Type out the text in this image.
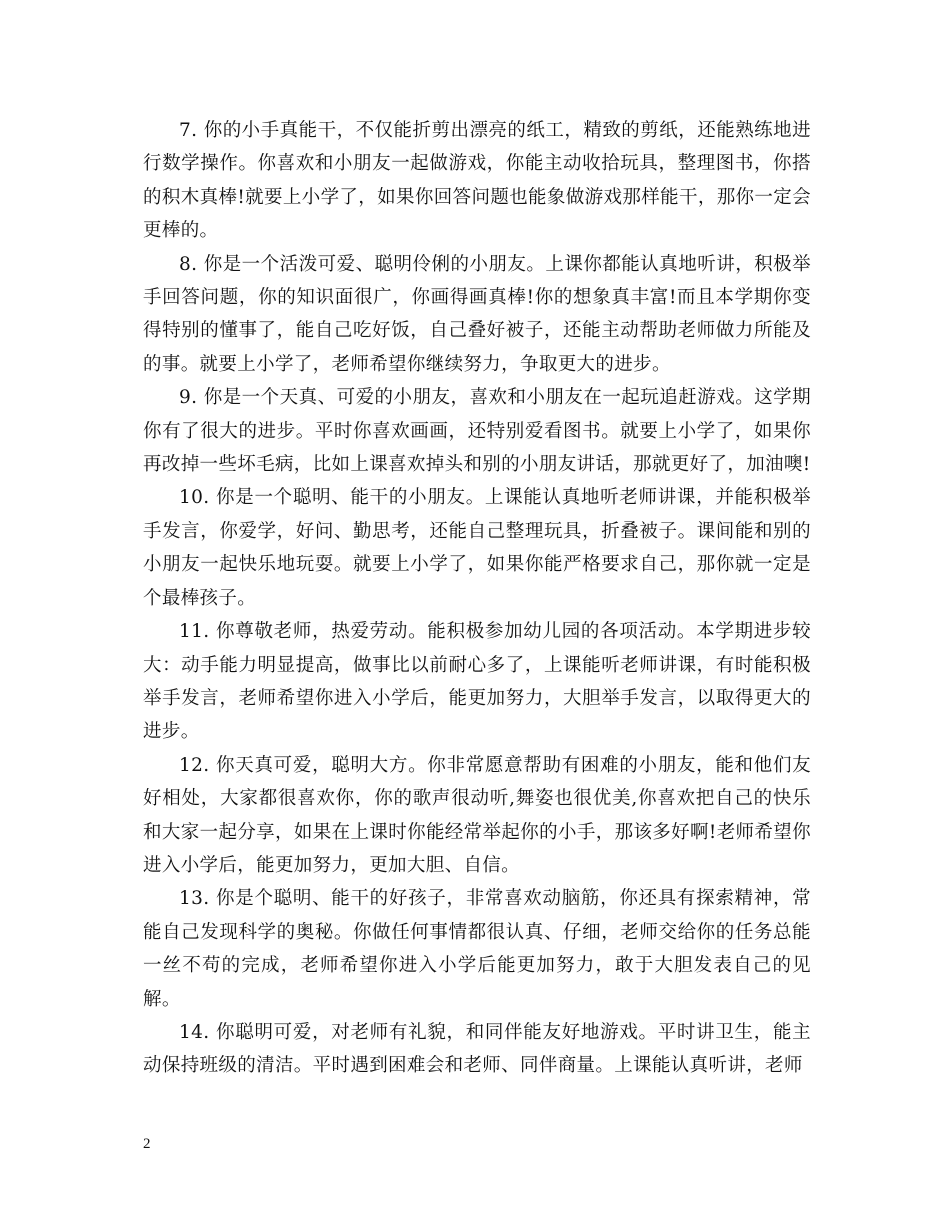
7. 你的小手真能干，不仅能折剪出漂亮的纸工，精致的剪纸，还能熟练地进行数学操作。你喜欢和小朋友一起做游戏，你能主动收拾玩具，整理图书，你搭的积木真棒!就要上小学了，如果你回答问题也能象做游戏那样能干，那你一定会更棒的。

8. 你是一个活泼可爱、聪明伶俐的小朋友。上课你都能认真地听讲，积极举手回答问题，你的知识面很广，你画得画真棒!你的想象真丰富!而且本学期你变得特别的懂事了，能自己吃好饭，自己叠好被子，还能主动帮助老师做力所能及的事。就要上小学了，老师希望你继续努力，争取更大的进步。

9. 你是一个天真、可爱的小朋友，喜欢和小朋友在一起玩追赶游戏。这学期你有了很大的进步。平时你喜欢画画，还特别爱看图书。就要上小学了，如果你再改掉一些坏毛病，比如上课喜欢掉头和别的小朋友讲话，那就更好了，加油噢!

10. 你是一个聪明、能干的小朋友。上课能认真地听老师讲课，并能积极举手发言，你爱学，好问、勤思考，还能自己整理玩具，折叠被子。课间能和别的小朋友一起快乐地玩耍。就要上小学了，如果你能严格要求自己，那你就一定是个最棒孩子。

11. 你尊敬老师，热爱劳动。能积极参加幼儿园的各项活动。本学期进步较大：动手能力明显提高，做事比以前耐心多了，上课能听老师讲课，有时能积极举手发言，老师希望你进入小学后，能更加努力，大胆举手发言，以取得更大的进步。

12. 你天真可爱，聪明大方。你非常愿意帮助有困难的小朋友，能和他们友好相处，大家都很喜欢你，你的歌声很动听,舞姿也很优美,你喜欢把自己的快乐和大家一起分享，如果在上课时你能经常举起你的小手，那该多好啊!老师希望你进入小学后，能更加努力，更加大胆、自信。

13. 你是个聪明、能干的好孩子，非常喜欢动脑筋，你还具有探索精神，常能自己发现科学的奥秘。你做任何事情都很认真、仔细，老师交给你的任务总能一丝不苟的完成，老师希望你进入小学后能更加努力，敢于大胆发表自己的见解。

14. 你聪明可爱，对老师有礼貌，和同伴能友好地游戏。平时讲卫生，能主动保持班级的清洁。平时遇到困难会和老师、同伴商量。上课能认真听讲，老师

2
